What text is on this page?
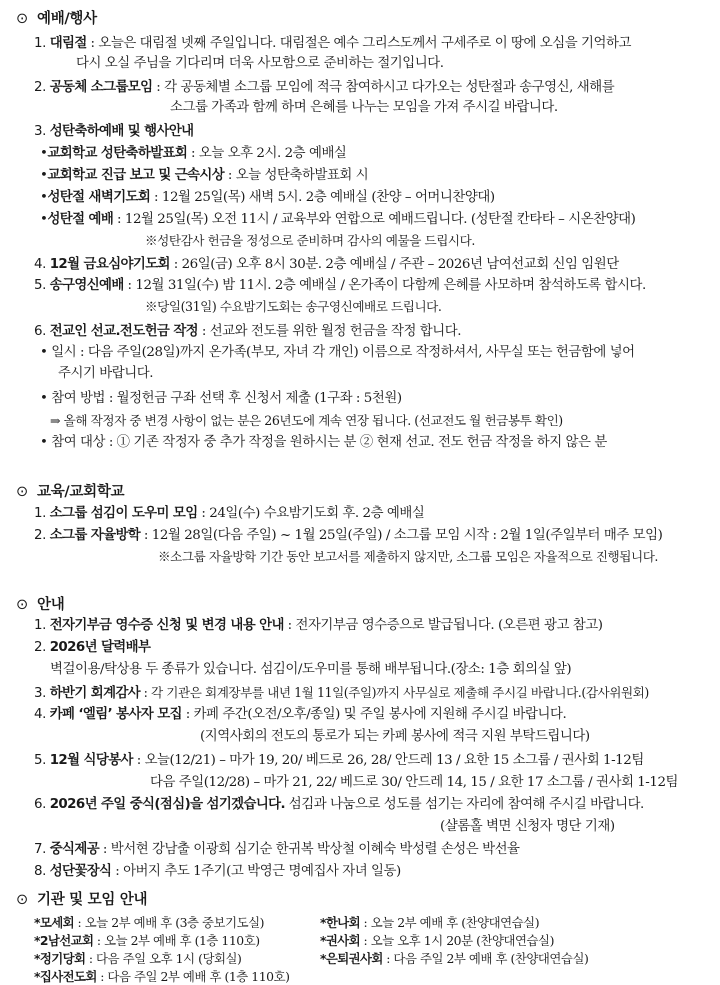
⊙ 예배/행사
1. 대림절 : 오늘은 대림절 넷째 주일입니다. 대림절은 예수 그리스도께서 구세주로 이 땅에 오심을 기억하고
다시 오실 주님을 기다리며 더욱 사모함으로 준비하는 절기입니다.
2. 공동체 소그룹모임 : 각 공동체별 소그룹 모임에 적극 참여하시고 다가오는 성탄절과 송구영신, 새해를
소그룹 가족과 함께 하며 은혜를 나누는 모임을 가져 주시길 바랍니다.
3. 성탄축하예배 및 행사안내
•교회학교 성탄축하발표회 : 오늘 오후 2시. 2층 예배실
•교회학교 진급 보고 및 근속시상 : 오늘 성탄축하발표회 시
•성탄절 새벽기도회 : 12월 25일(목) 새벽 5시. 2층 예배실 (찬양 – 어머니찬양대)
•성탄절 예배 : 12월 25일(목) 오전 11시 / 교육부와 연합으로 예배드립니다. (성탄절 칸타타 – 시온찬양대)
※성탄감사 헌금을 정성으로 준비하며 감사의 예물을 드립시다.
4. 12월 금요심야기도회 : 26일(금) 오후 8시 30분. 2층 예배실 / 주관 – 2026년 남여선교회 신임 임원단
5. 송구영신예배 : 12월 31일(수) 밤 11시. 2층 예배실 / 온가족이 다함께 은혜를 사모하며 참석하도록 합시다.
※당일(31일) 수요밤기도회는 송구영신예배로 드립니다.
6. 전교인 선교.전도헌금 작정 : 선교와 전도를 위한 월정 헌금을 작정 합니다.
• 일시 : 다음 주일(28일)까지 온가족(부모, 자녀 각 개인) 이름으로 작정하셔서, 사무실 또는 헌금함에 넣어
주시기 바랍니다.
• 참여 방법 : 월정헌금 구좌 선택 후 신청서 제출 (1구좌 : 5천원)
⇒ 올해 작정자 중 변경 사항이 없는 분은 26년도에 계속 연장 됩니다. (선교전도 월 헌금봉투 확인)
• 참여 대상 : ① 기존 작정자 중 추가 작정을 원하시는 분 ② 현재 선교. 전도 헌금 작정을 하지 않은 분
⊙ 교육/교회학교
1. 소그룹 섬김이 도우미 모임 : 24일(수) 수요밤기도회 후. 2층 예배실
2. 소그룹 자율방학 : 12월 28일(다음 주일) ~ 1월 25일(주일) / 소그룹 모임 시작 : 2월 1일(주일부터 매주 모임)
※소그룹 자율방학 기간 동안 보고서를 제출하지 않지만, 소그룹 모임은 자율적으로 진행됩니다.
⊙ 안내
1. 전자기부금 영수증 신청 및 변경 내용 안내 : 전자기부금 영수증으로 발급됩니다. (오른편 광고 참고)
2. 2026년 달력배부
벽걸이용/탁상용 두 종류가 있습니다. 섬김이/도우미를 통해 배부됩니다.(장소: 1층 회의실 앞)
3. 하반기 회계감사 : 각 기관은 회계장부를 내년 1월 11일(주일)까지 사무실로 제출해 주시길 바랍니다.(감사위원회)
4. 카페 ‘엘림’ 봉사자 모집 : 카페 주간(오전/오후/종일) 및 주일 봉사에 지원해 주시길 바랍니다.
(지역사회의 전도의 통로가 되는 카페 봉사에 적극 지원 부탁드립니다)
5. 12월 식당봉사 : 오늘(12/21) – 마가 19, 20/ 베드로 26, 28/ 안드레 13 / 요한 15 소그룹 / 권사회 1-12팀
다음 주일(12/28) – 마가 21, 22/ 베드로 30/ 안드레 14, 15 / 요한 17 소그룹 / 권사회 1-12팀
6. 2026년 주일 중식(점심)을 섬기겠습니다. 섬김과 나눔으로 성도를 섬기는 자리에 참여해 주시길 바랍니다.
(샬롬홀 벽면 신청자 명단 기재)
7. 중식제공 : 박서현 강남출 이광희 심기순 한귀복 박상철 이혜숙 박성렬 손성은 박선율
8. 성단꽃장식 : 아버지 추도 1주기(고 박영근 명예집사 자녀 일동)
⊙ 기관 및 모임 안내
*모세회 : 오늘 2부 예배 후 (3층 중보기도실)	*한나회 : 오늘 2부 예배 후 (찬양대연습실)
*2남선교회 : 오늘 2부 예배 후 (1층 110호)	*권사회 : 오늘 오후 1시 20분 (찬양대연습실)
*정기당회 : 다음 주일 오후 1시 (당회실)	*은퇴권사회 : 다음 주일 2부 예배 후 (찬양대연습실)
*집사전도회 : 다음 주일 2부 예배 후 (1층 110호)
